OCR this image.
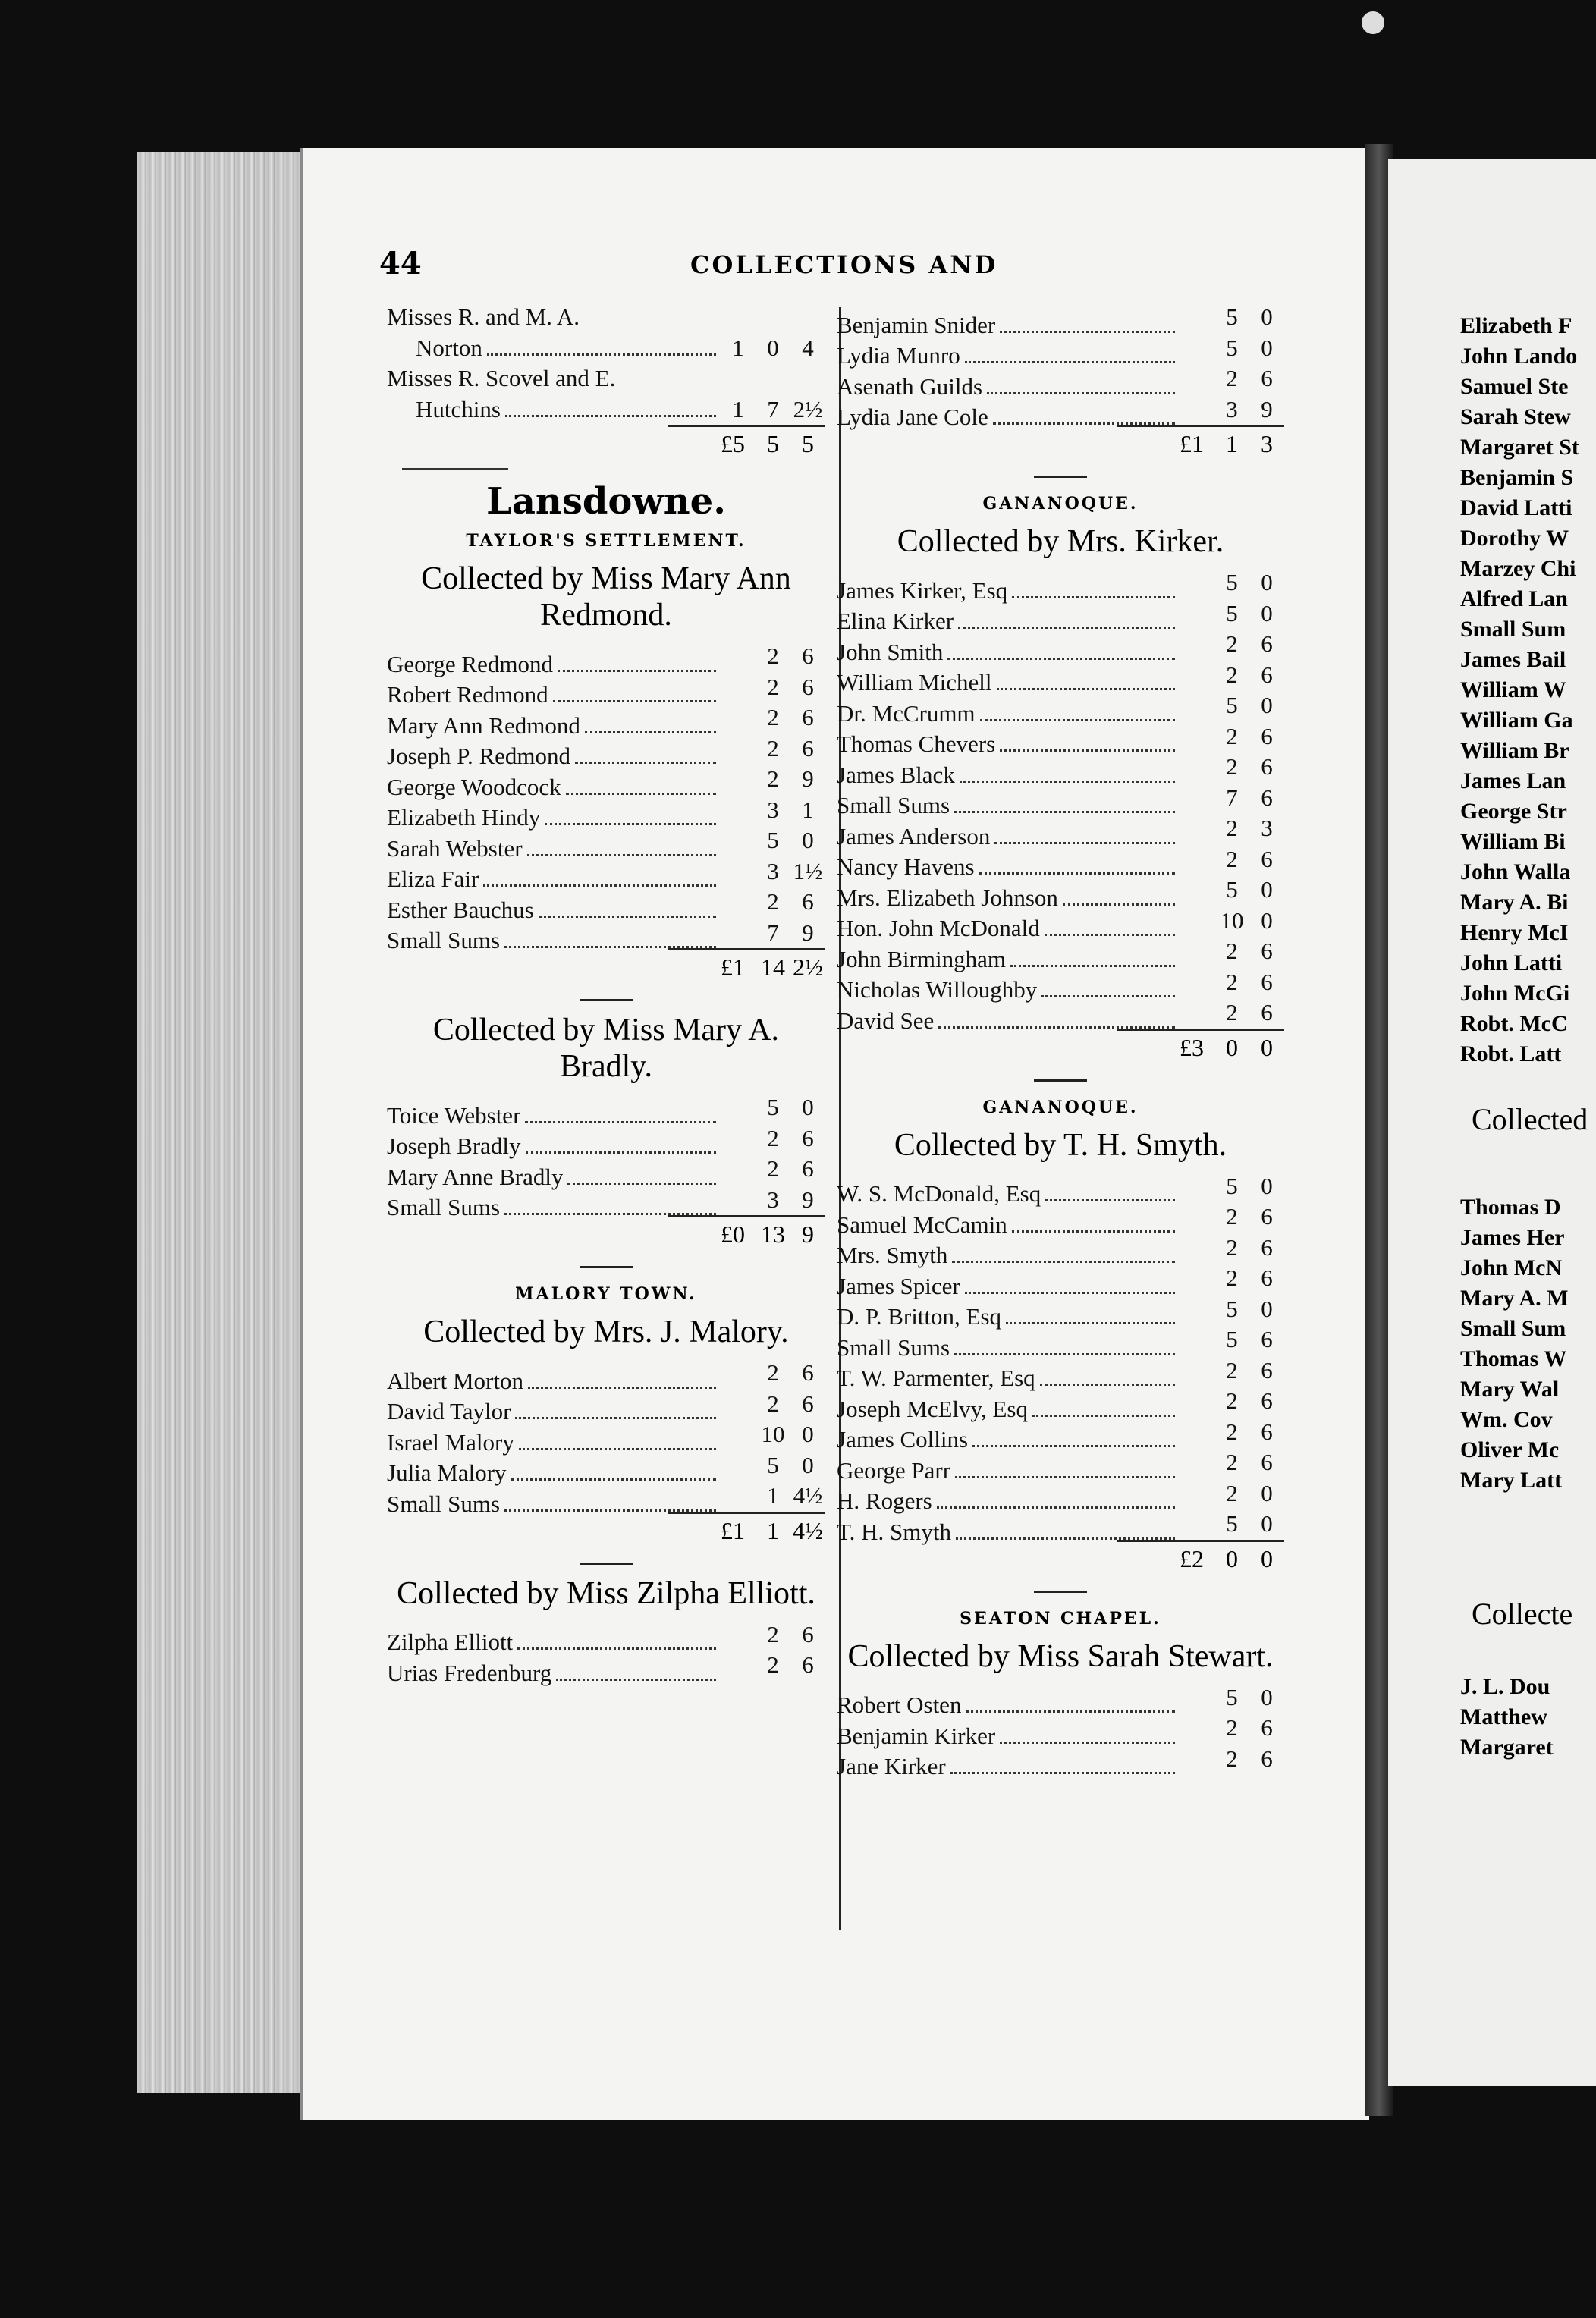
44	COLLECTIONS AND
Misses R. and M. A.
Norton	1 0 4
Misses R. Scovel and E.
Hutchins	1 7 2½
£5 5 5
Lansdowne.
TAYLOR'S SETTLEMENT.
Collected by Miss Mary Ann Redmond.
George Redmond	2 6
Robert Redmond	2 6
Mary Ann Redmond	2 6
Joseph P. Redmond	2 6
George Woodcock	2 9
Elizabeth Hindy	3 1
Sarah Webster	5 0
Eliza Fair	3 1½
Esther Bauchus	2 6
Small Sums	7 9
£1 14 2½
Collected by Miss Mary A. Bradly.
Toice Webster	5 0
Joseph Bradly	2 6
Mary Anne Bradly	2 6
Small Sums	3 9
£0 13 9
MALORY TOWN.
Collected by Mrs. J. Malory.
Albert Morton	2 6
David Taylor	2 6
Israel Malory	10 0
Julia Malory	5 0
Small Sums	1 4½
£1 1 4½
Collected by Miss Zilpha Elliott.
Zilpha Elliott	2 6
Urias Fredenburg	2 6
Benjamin Snider	5 0
Lydia Munro	5 0
Asenath Guilds	2 6
Lydia Jane Cole	3 9
£1 1 3
GANANOQUE.
Collected by Mrs. Kirker.
James Kirker, Esq	5 0
Elina Kirker	5 0
John Smith	2 6
William Michell	2 6
Dr. McCrumm	5 0
Thomas Chevers	2 6
James Black	2 6
Small Sums	7 6
James Anderson	2 3
Nancy Havens	2 6
Mrs. Elizabeth Johnson	5 0
Hon. John McDonald	10 0
John Birmingham	2 6
Nicholas Willoughby	2 6
David See	2 6
£3 0 0
GANANOQUE.
Collected by T. H. Smyth.
W. S. McDonald, Esq	5 0
Samuel McCamin	2 6
Mrs. Smyth	2 6
James Spicer	2 6
D. P. Britton, Esq	5 0
Small Sums	5 6
T. W. Parmenter, Esq	2 6
Joseph McElvy, Esq	2 6
James Collins	2 6
George Parr	2 6
H. Rogers	2 0
T. H. Smyth	5 0
£2 0 0
SEATON CHAPEL.
Collected by Miss Sarah Stewart.
Robert Osten	5 0
Benjamin Kirker	2 6
Jane Kirker	2 6
Elizabeth F
John Lando
Samuel Ste
Sarah Stew
Margaret St
Benjamin S
David Latti
Dorothy W
Marzey Chi
Alfred Lan
Small Sum
James Bail
William W
William Ga
William Br
James Lan
George Str
William Bi
John Walla
Mary A. Bi
Henry McI
John Latti
John McGi
Robt. McC
Robt. Latt
Collected
Thomas D
James Her
John McN
Mary A. M
Small Sum
Thomas W
Mary Wal
Wm. Cov
Oliver Mc
Mary Latt
Collecte
J. L. Dou
Matthew
Margaret
